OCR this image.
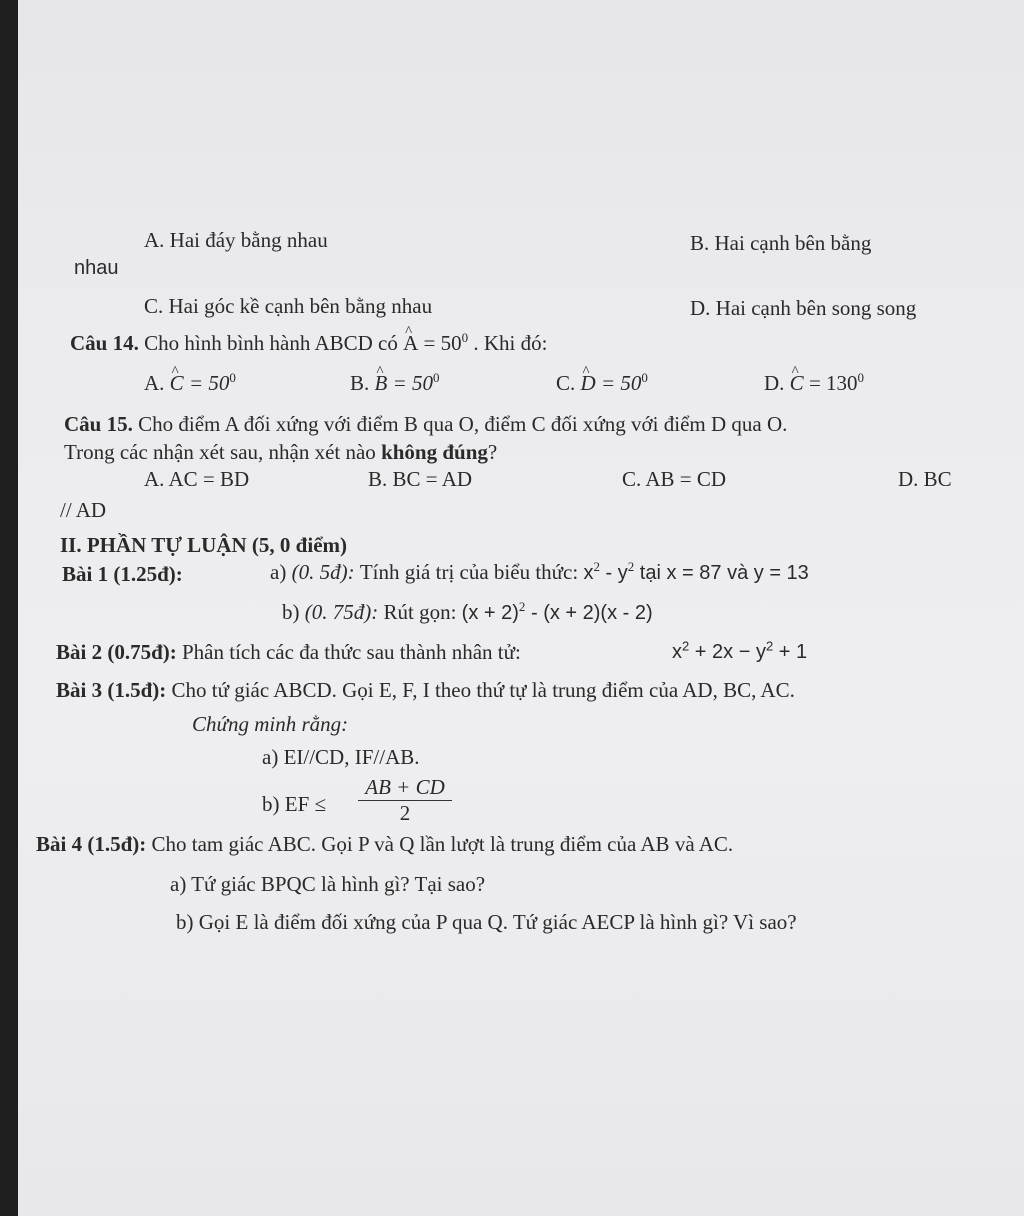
A. Hai đáy bằng nhau	B. Hai cạnh bên bằng
nhau
C. Hai góc kề cạnh bên bằng nhau	D. Hai cạnh bên song song
Câu 14. Cho hình bình hành ABCD có ^ $A = 50^0$ . Khi đó:
A. ^ $C = 50^0$	B. ^ $B = 50^0$	C. ^ $D = 50^0$	D. ^ $C = 130^0$
Câu 15. Cho điểm A đối xứng với điểm B qua O, điểm C đối xứng với điểm D qua O.
Trong các nhận xét sau, nhận xét nào không đúng?
A. AC = BD	B. BC = AD	C. AB = CD	D. BC
// AD
II. PHẦN TỰ LUẬN (5, 0 điểm)
Bài 1 (1.25đ):	a) (0. 5đ): Tính giá trị của biểu thức: $x^2 - y^2$ tại x = 87 và y = 13
b) (0. 75đ): Rút gọn: $(x + 2)^2 - (x + 2)(x - 2)$
Bài 2 (0.75đ): Phân tích các đa thức sau thành nhân tử:	$x^2 + 2x - y^2 + 1$
Bài 3 (1.5đ): Cho tứ giác ABCD. Gọi E, F, I theo thứ tự là trung điểm của AD, BC, AC.
Chứng minh rằng:
a) EI//CD, IF//AB.
b) EF ≤ $\frac{AB + CD}{2}$
Bài 4 (1.5đ): Cho tam giác ABC. Gọi P và Q lần lượt là trung điểm của AB và AC.
a) Tứ giác BPQC là hình gì? Tại sao?
b) Gọi E là điểm đối xứng của P qua Q. Tứ giác AECP là hình gì? Vì sao?
